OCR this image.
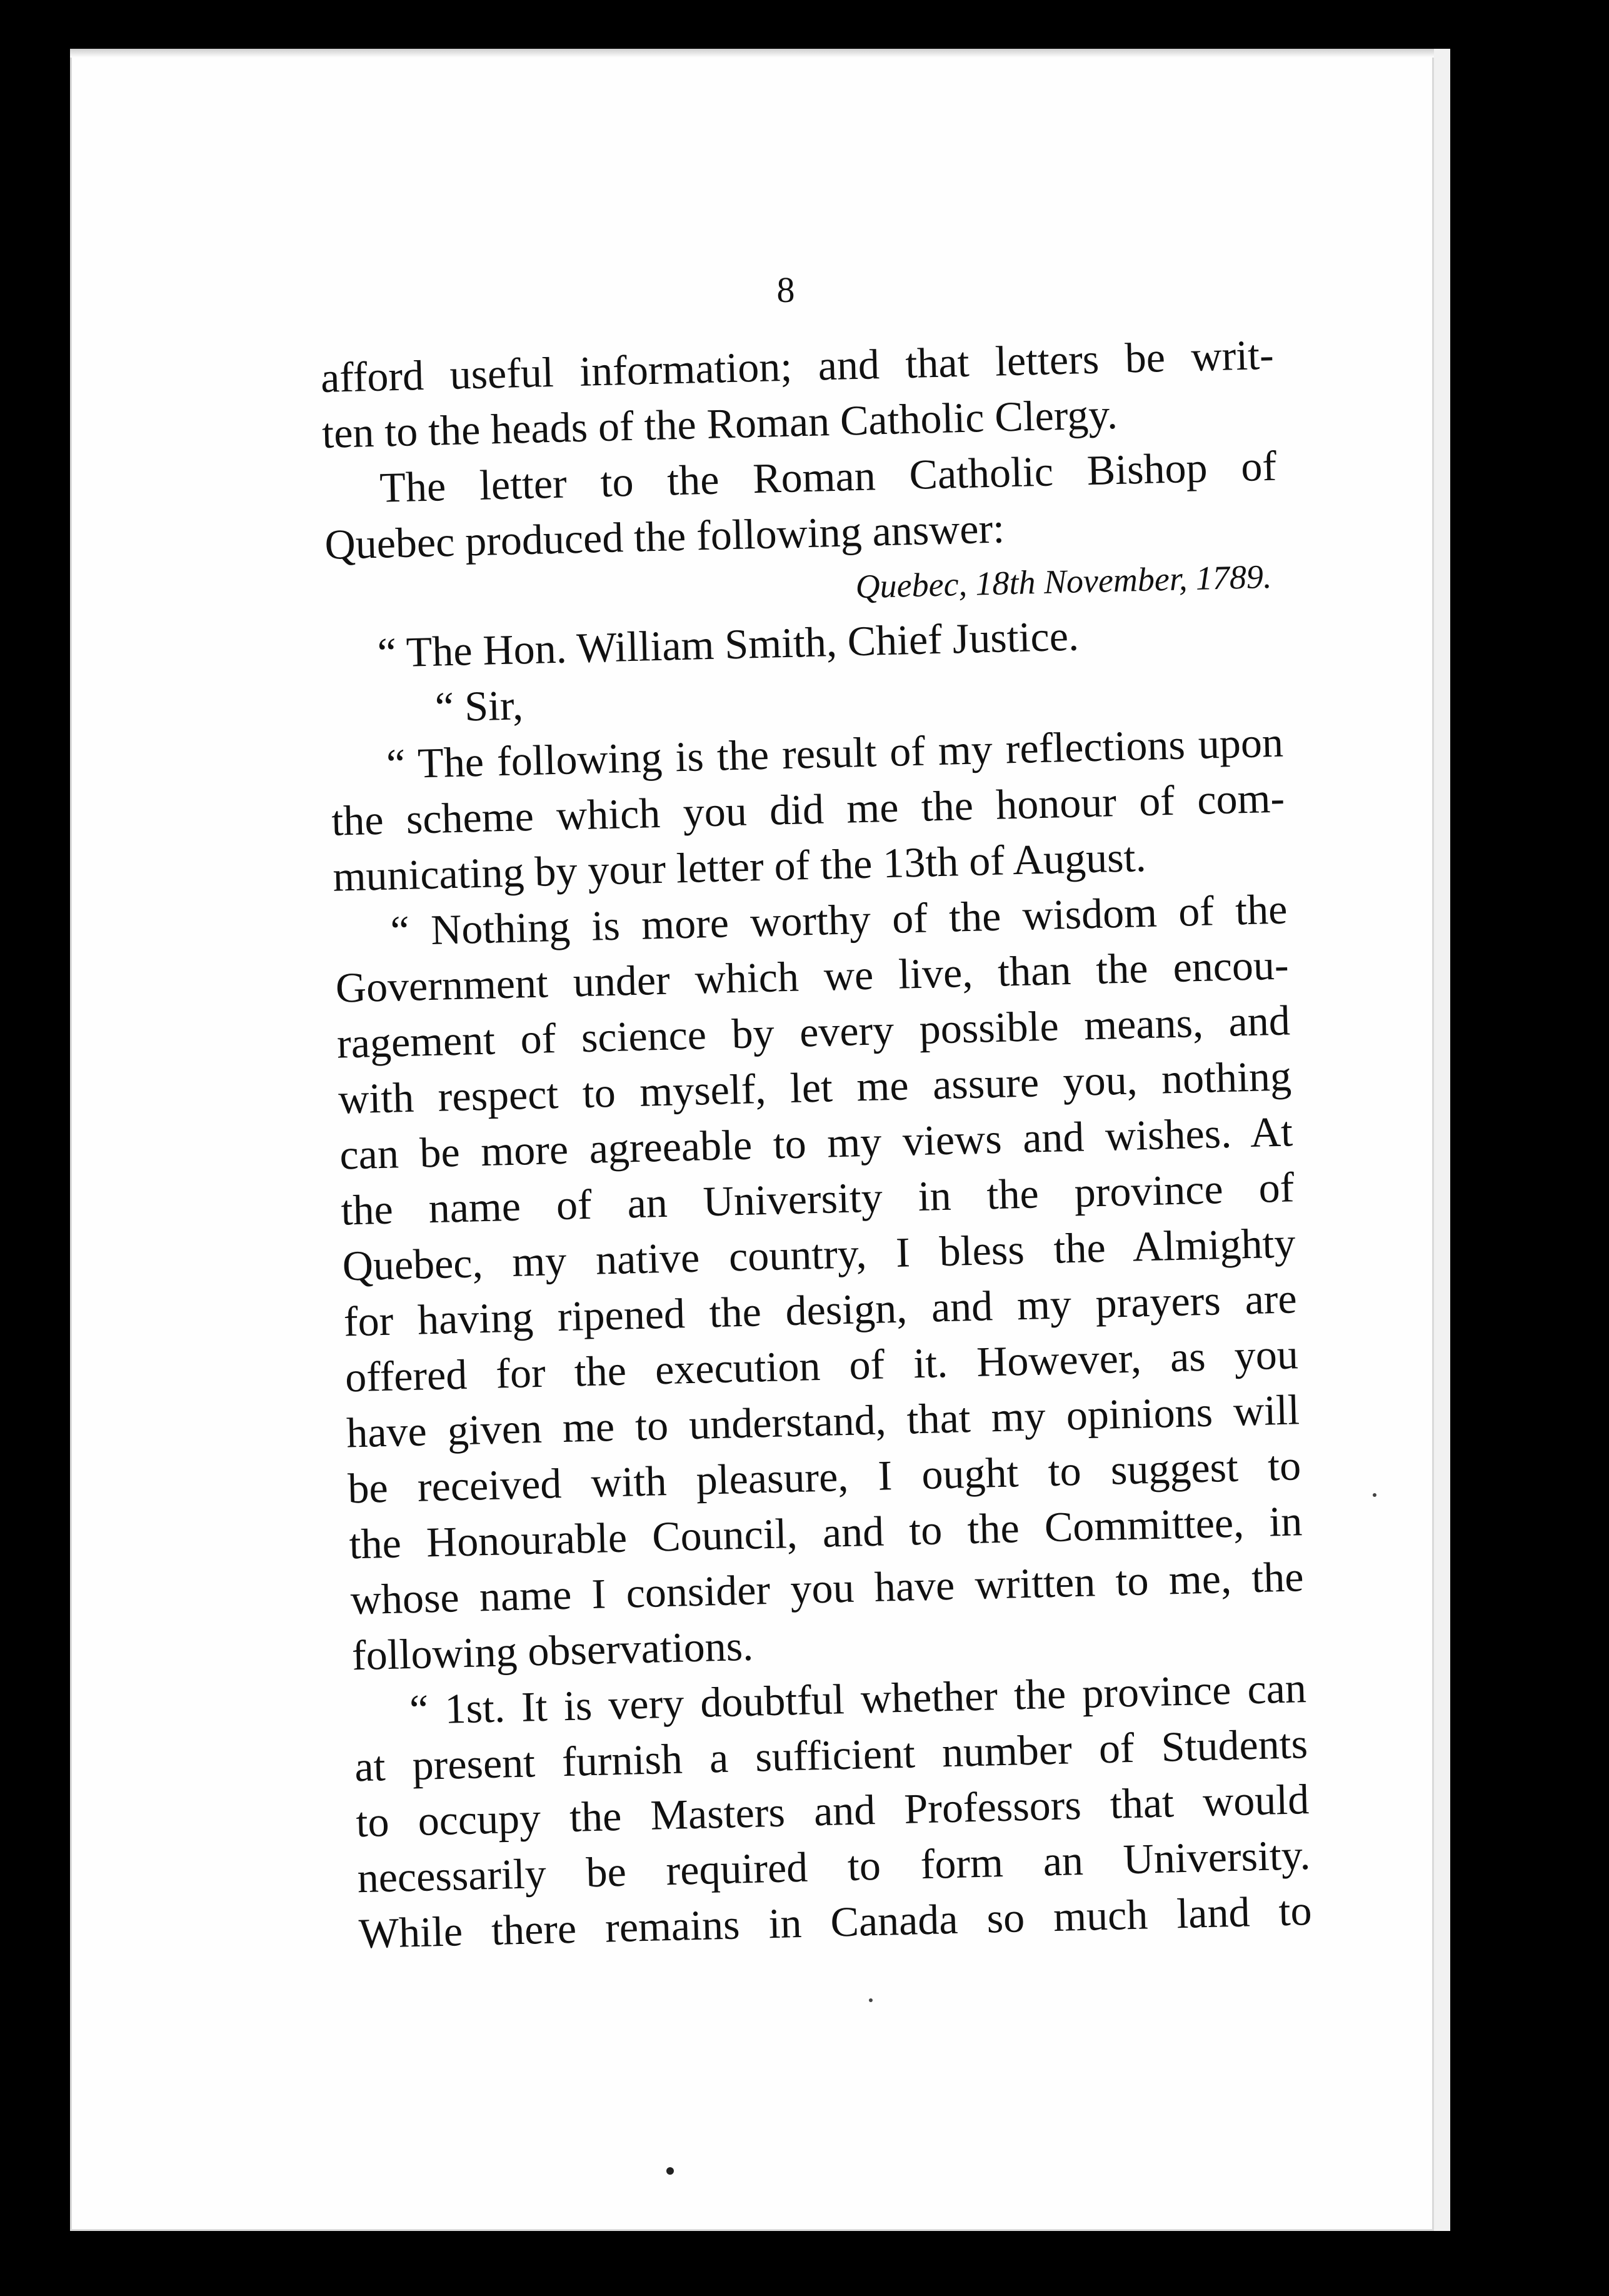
8
afford useful information; and that letters be writ-
ten to the heads of the Roman Catholic Clergy.
The letter to the Roman Catholic Bishop of
Quebec produced the following answer:
Quebec, 18th November, 1789.
“ The Hon. William Smith, Chief Justice.
“ Sir,
“ The following is the result of my reflections upon
the scheme which you did me the honour of com-
municating by your letter of the 13th of August.
“ Nothing is more worthy of the wisdom of the
Government under which we live, than the encou-
ragement of science by every possible means, and
with respect to myself, let me assure you, nothing
can be more agreeable to my views and wishes. At
the name of an University in the province of
Quebec, my native country, I bless the Almighty
for having ripened the design, and my prayers are
offered for the execution of it. However, as you
have given me to understand, that my opinions will
be received with pleasure, I ought to suggest to
the Honourable Council, and to the Committee, in
whose name I consider you have written to me, the
following observations.
“ 1st. It is very doubtful whether the province can
at present furnish a sufficient number of Students
to occupy the Masters and Professors that would
necessarily be required to form an University.
While there remains in Canada so much land to
